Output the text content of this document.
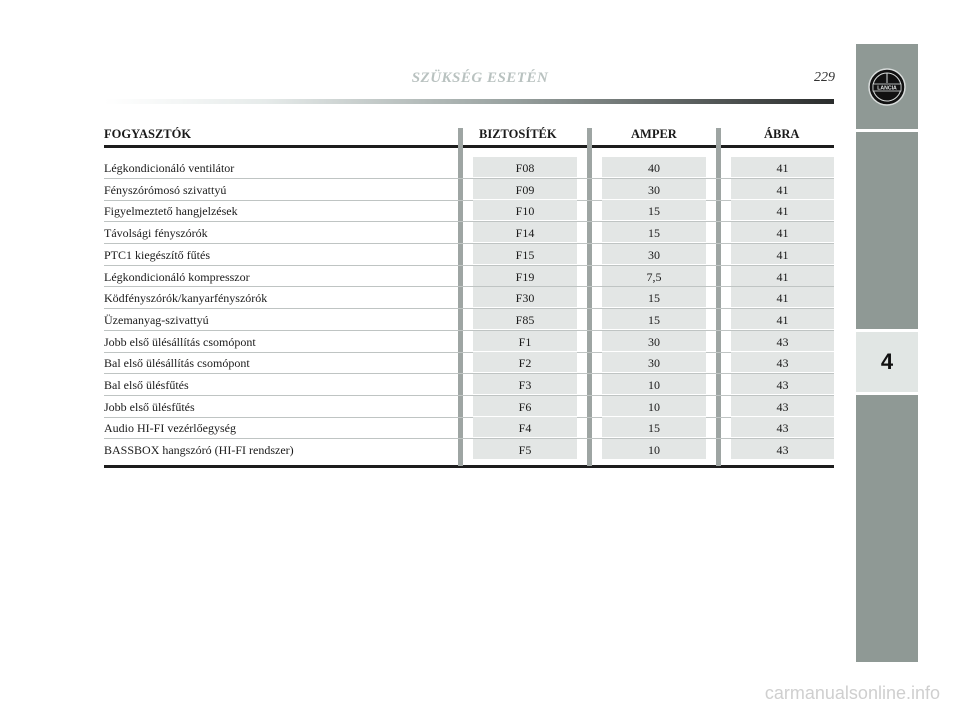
SZÜKSÉG ESETÉN	229
LANCIA
4
FOGYASZTÓK	BIZTOSÍTÉK	AMPER	ÁBRA
Légkondicionáló ventilátor	F08	40	41
Fényszórómosó szivattyú	F09	30	41
Figyelmeztető hangjelzések	F10	15	41
Távolsági fényszórók	F14	15	41
PTC1 kiegészítő fűtés	F15	30	41
Légkondicionáló kompresszor	F19	7,5	41
Ködfényszórók/kanyarfényszórók	F30	15	41
Üzemanyag-szivattyú	F85	15	41
Jobb első ülésállítás csomópont	F1	30	43
Bal első ülésállítás csomópont	F2	30	43
Bal első ülésfűtés	F3	10	43
Jobb első ülésfűtés	F6	10	43
Audio HI-FI vezérlőegység	F4	15	43
BASSBOX hangszóró (HI-FI rendszer)	F5	10	43
carmanualsonline.info
